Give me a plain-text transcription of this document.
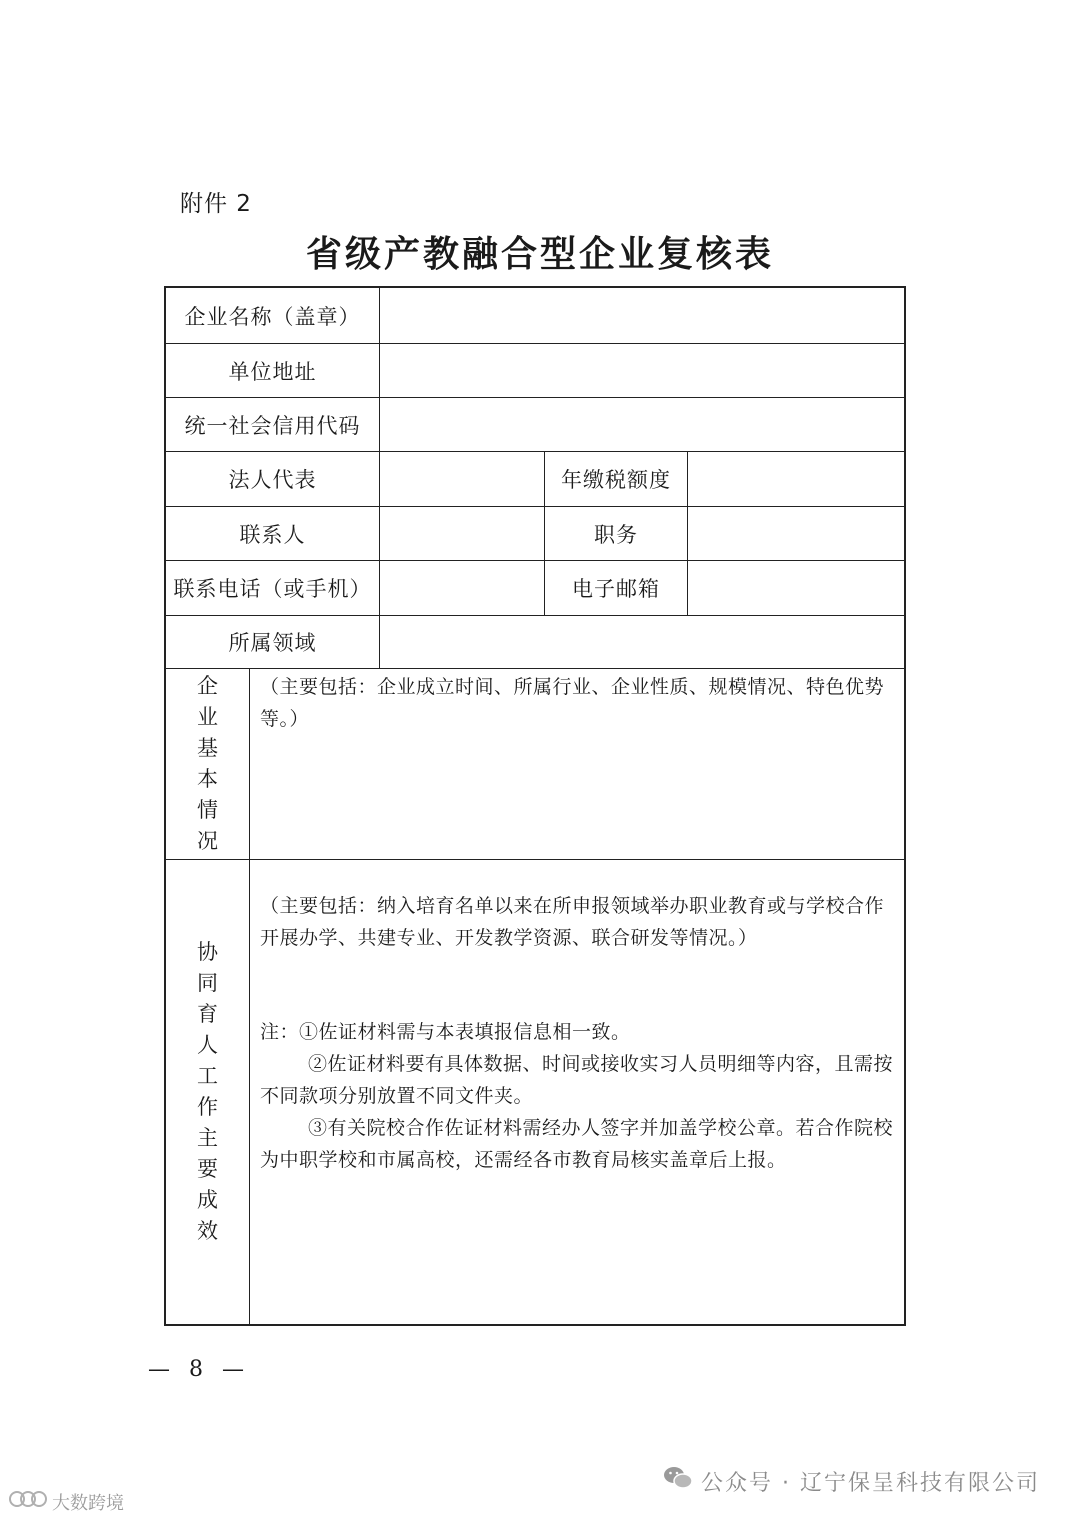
附件 2
省级产教融合型企业复核表
企业名称（盖章）
单位地址
统一社会信用代码
法人代表	年缴税额度
联系人	职务
联系电话（或手机）	电子邮箱
所属领域
企业基本情况
（主要包括：企业成立时间、所属行业、企业性质、规模情况、特色优势等。）
协同育人工作主要成效
（主要包括：纳入培育名单以来在所申报领域举办职业教育或与学校合作开展办学、共建专业、开发教学资源、联合研发等情况。）
注：①佐证材料需与本表填报信息相一致。
②佐证材料要有具体数据、时间或接收实习人员明细等内容，且需按不同款项分别放置不同文件夹。
③有关院校合作佐证材料需经办人签字并加盖学校公章。若合作院校为中职学校和市属高校，还需经各市教育局核实盖章后上报。
— 8 —
公众号 · 辽宁保呈科技有限公司
大数跨境
